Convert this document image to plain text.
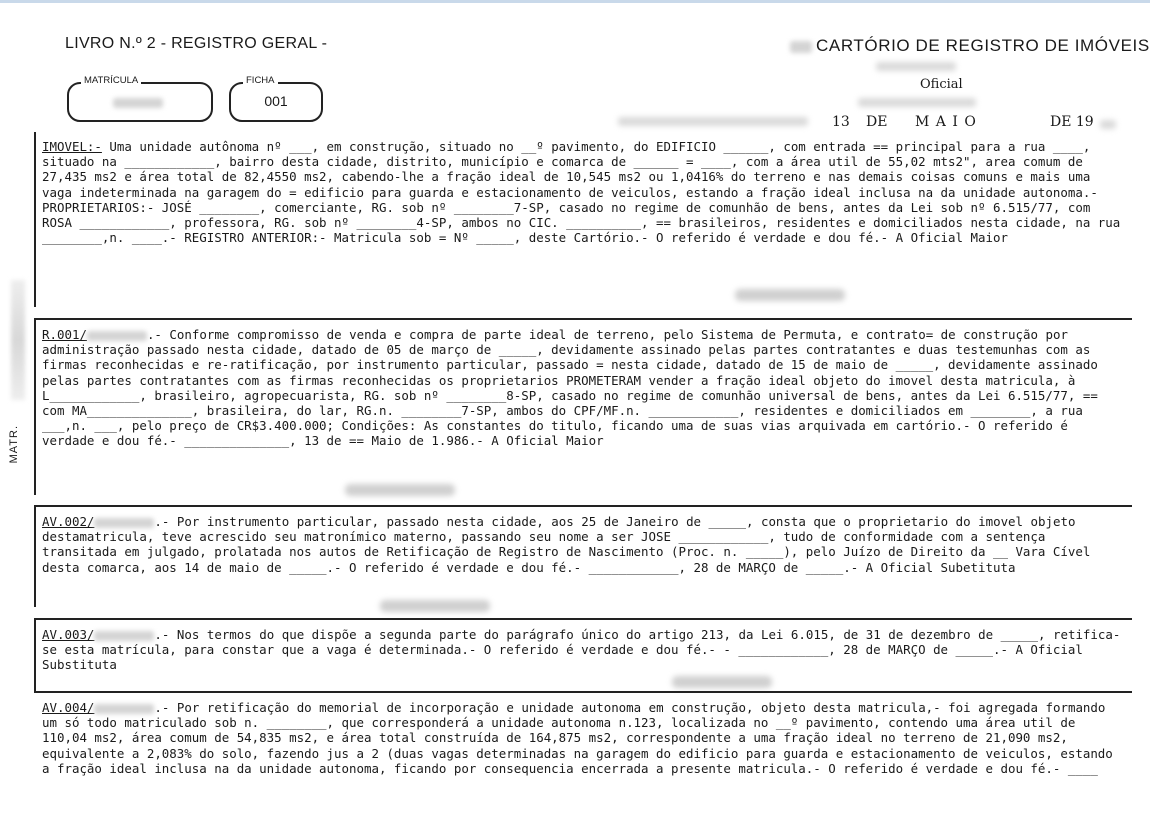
MATR.
LIVRO N.º 2 - REGISTRO GERAL -	CARTÓRIO DE REGISTRO DE IMÓVEIS
MATRÍCULA	FICHA
001
Oficial
13 DE M A I O	DE 19

IMOVEL:- Uma unidade autônoma nº ___, em construção, situado no __º pavimento, do EDIFICIO ______, com entrada == principal para a rua ____, situado na ____________, bairro desta cidade, distrito, município e comarca de ______ = ____, com a área util de 55,02 mts2", area comum de 27,435 ms2 e área total de 82,4550 ms2, cabendo-lhe a fração ideal de 10,545 ms2 ou 1,0416% do terreno e nas demais coisas comuns e mais uma vaga indeterminada na garagem do = edificio para guarda e estacionamento de veiculos, estando a fração ideal inclusa na da unidade autonoma.- PROPRIETARIOS:- JOSÉ ________, comerciante, RG. sob nº ________7-SP, casado no regime de comunhão de bens, antes da Lei sob nº 6.515/77, com ROSA ____________, professora, RG. sob nº ________4-SP, ambos no CIC. __________, == brasileiros, residentes e domiciliados nesta cidade, na rua ________,n. ____.- REGISTRO ANTERIOR:- Matricula sob = Nº _____, deste Cartório.- O referido é verdade e dou fé.- A Oficial Maior

R.001/	.- Conforme compromisso de venda e compra de parte ideal de terreno, pelo Sistema de Permuta, e contrato= de construção por administração passado nesta cidade, datado de 05 de março de _____, devidamente assinado pelas partes contratantes e duas testemunhas com as firmas reconhecidas e re-ratificação, por instrumento particular, passado = nesta cidade, datado de 15 de maio de _____, devidamente assinado pelas partes contratantes com as firmas reconhecidas os proprietarios PROMETERAM vender a fração ideal objeto do imovel desta matricula, à L____________, brasileiro, agropecuarista, RG. sob nº ________8-SP, casado no regime de comunhão universal de bens, antes da Lei 6.515/77, == com MA______________, brasileira, do lar, RG.n. ________7-SP, ambos do CPF/MF.n. ____________, residentes e domiciliados em ________, a rua ___,n. ___, pelo preço de CR$3.400.000; Condições: As constantes do titulo, ficando uma de suas vias arquivada em cartório.- O referido é verdade e dou fé.- ______________, 13 de == Maio de 1.986.- A Oficial Maior

AV.002/	.- Por instrumento particular, passado nesta cidade, aos 25 de Janeiro de _____, consta que o proprietario do imovel objeto destamatricula, teve acrescido seu matronímico materno, passando seu nome a ser JOSE ____________, tudo de conformidade com a sentença transitada em julgado, prolatada nos autos de Retificação de Registro de Nascimento (Proc. n. _____), pelo Juízo de Direito da __ Vara Cível desta comarca, aos 14 de maio de _____.- O referido é verdade e dou fé.- ____________, 28 de MARÇO de _____.- A Oficial Subetituta

AV.003/	.- Nos termos do que dispõe a segunda parte do parágrafo único do artigo 213, da Lei 6.015, de 31 de dezembro de _____, retifica-se esta matrícula, para constar que a vaga é determinada.- O referido é verdade e dou fé.- - ____________, 28 de MARÇO de _____.- A Oficial Substituta

AV.004/	.- Por retificação do memorial de incorporação e unidade autonoma em construção, objeto desta matricula,- foi agregada formando um só todo matriculado sob n. ________, que corresponderá a unidade autonoma n.123, localizada no __º pavimento, contendo uma área util de 110,04 ms2, área comum de 54,835 ms2, e área total construída de 164,875 ms2, correspondente a uma fração ideal no terreno de 21,090 ms2, equivalente a 2,083% do solo, fazendo jus a 2 (duas vagas determinadas na garagem do edificio para guarda e estacionamento de veiculos, estando a fração ideal inclusa na da unidade autonoma, ficando por consequencia encerrada a presente matricula.- O referido é verdade e dou fé.- ____
